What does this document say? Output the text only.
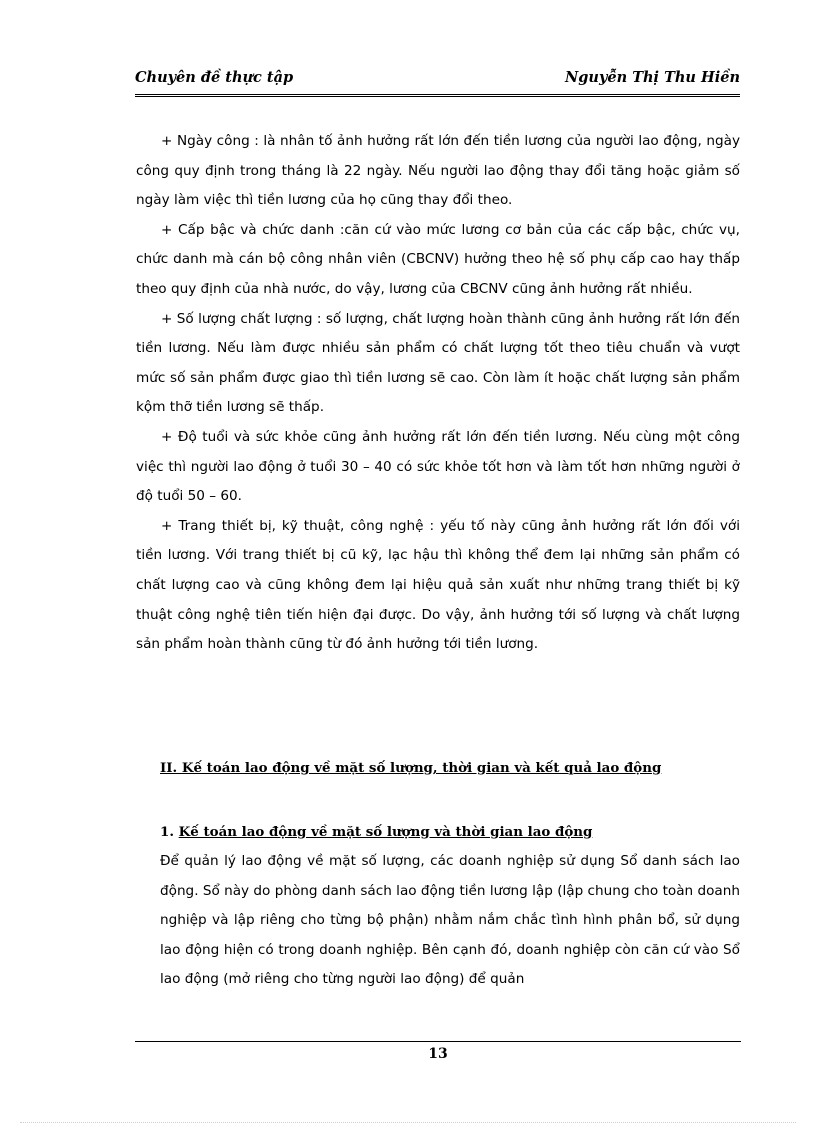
Chuyên đề thực tập	Nguyễn Thị Thu Hiền

+ Ngày công : là nhân tố ảnh hưởng rất lớn đến tiền lương của người lao động, ngày công quy định trong tháng là 22 ngày. Nếu người lao động thay đổi tăng hoặc giảm số ngày làm việc thì tiền lương của họ cũng thay đổi theo.

+ Cấp bậc và chức danh :căn cứ vào mức lương cơ bản của các cấp bậc, chức vụ, chức danh mà cán bộ công nhân viên (CBCNV) hưởng theo hệ số phụ cấp cao hay thấp theo quy định của nhà nước, do vậy, lương của CBCNV cũng ảnh hưởng rất nhiều.

+ Số lượng chất lượng : số lượng, chất lượng hoàn thành cũng ảnh hưởng rất lớn đến tiền lương. Nếu làm được nhiều sản phẩm có chất lượng tốt theo tiêu chuẩn và vượt mức số sản phẩm được giao thì tiền lương sẽ cao. Còn làm ít hoặc chất lượng sản phẩm kộm thỡ tiền lương sẽ thấp.

+ Độ tuổi và sức khỏe cũng ảnh hưởng rất lớn đến tiền lương. Nếu cùng một công việc thì người lao động ở tuổi 30 – 40 có sức khỏe tốt hơn và làm tốt hơn những người ở độ tuổi 50 – 60.

+ Trang thiết bị, kỹ thuật, công nghệ : yếu tố này cũng ảnh hưởng rất lớn đối với tiền lương. Với trang thiết bị cũ kỹ, lạc hậu thì không thể đem lại những sản phẩm có chất lượng cao và cũng không đem lại hiệu quả sản xuất như những trang thiết bị kỹ thuật công nghệ tiên tiến hiện đại được. Do vậy, ảnh hưởng tới số lượng và chất lượng sản phẩm hoàn thành cũng từ đó ảnh hưởng tới tiền lương.

II. Kế toán lao động về mặt số lượng, thời gian và kết quả lao động
1. Kế toán lao động về mặt số lượng và thời gian lao động

Để quản lý lao động về mặt số lượng, các doanh nghiệp sử dụng Sổ danh sách lao động. Sổ này do phòng danh sách lao động tiền lương lập (lập chung cho toàn doanh nghiệp và lập riêng cho từng bộ phận) nhằm nắm chắc tình hình phân bổ, sử dụng lao động hiện có trong doanh nghiệp. Bên cạnh đó, doanh nghiệp còn căn cứ vào Sổ lao động (mở riêng cho từng người lao động) để quản

13
